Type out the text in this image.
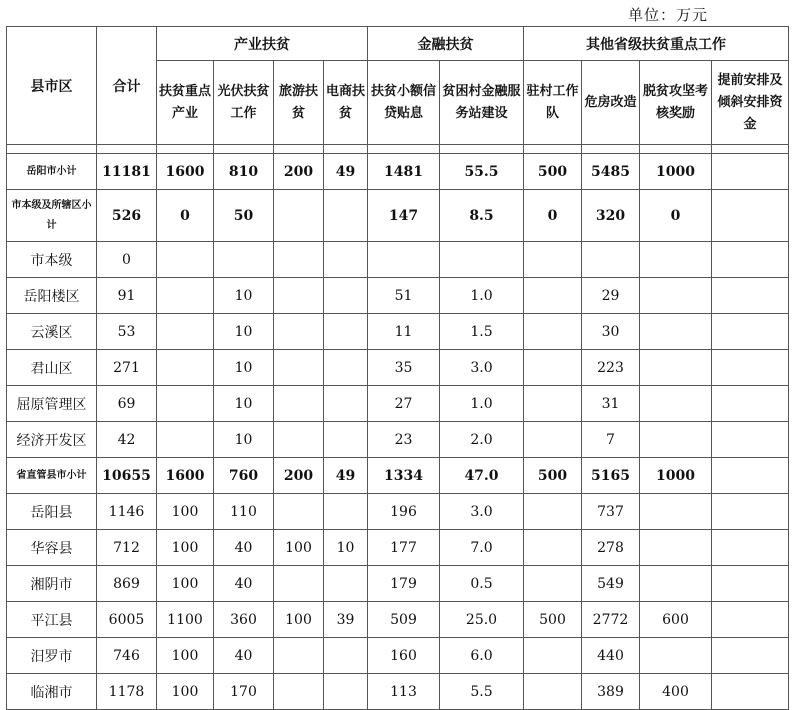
单位：万元
县市区	合计	产业扶贫				金融扶贫		其他省级扶贫重点工作			
		扶贫重点产业	光伏扶贫工作	旅游扶贫	电商扶贫	扶贫小额信贷贴息	贫困村金融服务站建设	驻村工作队	危房改造	脱贫攻坚考核奖励	提前安排及倾斜安排资金

岳阳市小计	11181	1600	810	200	49	1481	55.5	500	5485	1000	
市本级及所辖区小计	526	0	50			147	8.5	0	320	0	
市本级	0										
岳阳楼区	91		10			51	1.0		29		
云溪区	53		10			11	1.5		30		
君山区	271		10			35	3.0		223		
屈原管理区	69		10			27	1.0		31		
经济开发区	42		10			23	2.0		7		
省直管县市小计	10655	1600	760	200	49	1334	47.0	500	5165	1000	
岳阳县	1146	100	110			196	3.0		737		
华容县	712	100	40	100	10	177	7.0		278		
湘阴市	869	100	40			179	0.5		549		
平江县	6005	1100	360	100	39	509	25.0	500	2772	600	
汨罗市	746	100	40			160	6.0		440		
临湘市	1178	100	170			113	5.5		389	400	
